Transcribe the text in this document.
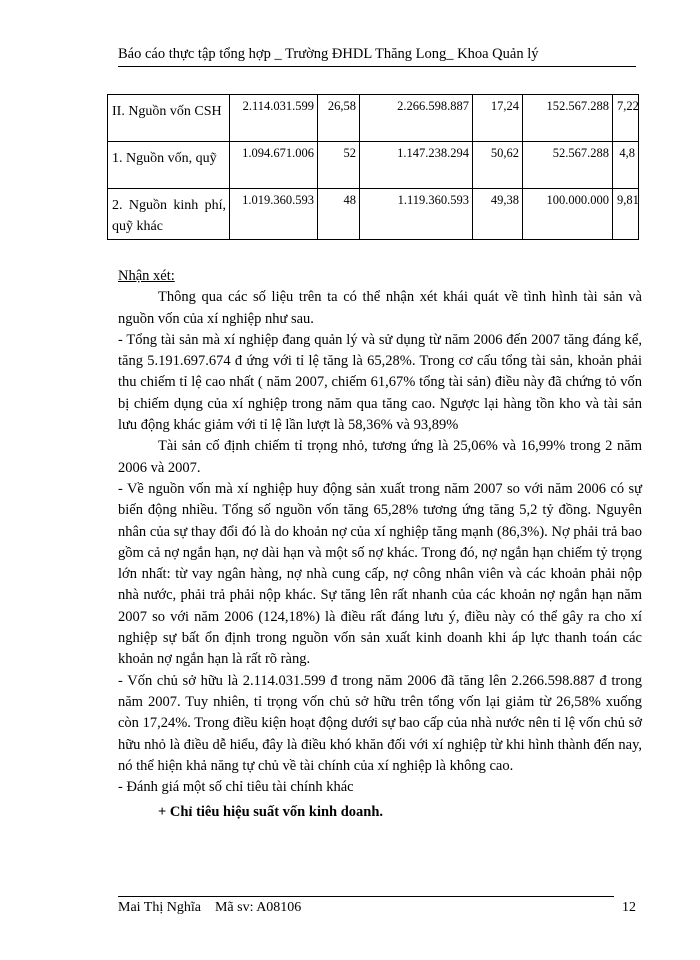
Báo cáo thực tập tổng hợp _ Trường ĐHDL Thăng Long_ Khoa Quản lý
II. Nguồn vốn CSH	2.114.031.599	26,58	2.266.598.887	17,24	152.567.288	7,22
1. Nguồn vốn, quỹ	1.094.671.006	52	1.147.238.294	50,62	52.567.288	4,8
2. Nguồn kinh phí, quỹ khác	1.019.360.593	48	1.119.360.593	49,38	100.000.000	9,81

Nhận xét:

Thông qua các số liệu trên ta có thể nhận xét khái quát về tình hình tài sản và nguồn vốn của xí nghiệp như sau.

- Tổng tài sản mà xí nghiệp đang quản lý và sử dụng từ năm 2006 đến 2007 tăng đáng kể, tăng 5.191.697.674 đ ứng với tỉ lệ tăng là 65,28%. Trong cơ cấu tổng tài sản, khoản phải thu chiếm tỉ lệ cao nhất ( năm 2007, chiếm 61,67% tổng tài sản) điều này đã chứng tỏ vốn bị chiếm dụng của xí nghiệp trong năm qua tăng cao. Ngược lại hàng tồn kho và tài sản lưu động khác giảm với tỉ lệ lần lượt là 58,36% và 93,89%

Tài sản cố định chiếm tỉ trọng nhỏ, tương ứng là 25,06% và 16,99% trong 2 năm 2006 và 2007.

- Về nguồn vốn mà xí nghiệp huy động sản xuất trong năm 2007 so với năm 2006 có sự biến động nhiều. Tổng số nguồn vốn tăng 65,28% tương ứng tăng 5,2 tỷ đồng. Nguyên nhân của sự thay đổi đó là do khoản nợ của xí nghiệp tăng mạnh (86,3%). Nợ phải trả bao gồm cả nợ ngắn hạn, nợ dài hạn và một số nợ khác. Trong đó, nợ ngắn hạn chiếm tỷ trọng lớn nhất: từ vay ngân hàng, nợ nhà cung cấp, nợ công nhân viên và các khoản phải nộp nhà nước, phải trả phải nộp khác. Sự tăng lên rất nhanh của các khoản nợ ngắn hạn năm 2007 so với năm 2006 (124,18%) là điều rất đáng lưu ý, điều này có thể gây ra cho xí nghiệp sự bất ổn định trong nguồn vốn sản xuất kinh doanh khi áp lực thanh toán các khoản nợ ngắn hạn là rất rõ ràng.

- Vốn chủ sở hữu là 2.114.031.599 đ trong năm 2006 đã tăng lên 2.266.598.887 đ trong năm 2007. Tuy nhiên, tỉ trọng vốn chủ sở hữu trên tổng vốn lại giảm từ 26,58% xuống còn 17,24%. Trong điều kiện hoạt động dưới sự bao cấp của nhà nước nên tỉ lệ vốn chủ sở hữu nhỏ là điều dễ hiểu, đây là điều khó khăn đối với xí nghiệp từ khi hình thành đến nay, nó thể hiện khả năng tự chủ về tài chính của xí nghiệp là không cao.

- Đánh giá một số chỉ tiêu tài chính khác

+ Chỉ tiêu hiệu suất vốn kinh doanh.

Mai Thị Nghĩa Mã sv: A08106	12
